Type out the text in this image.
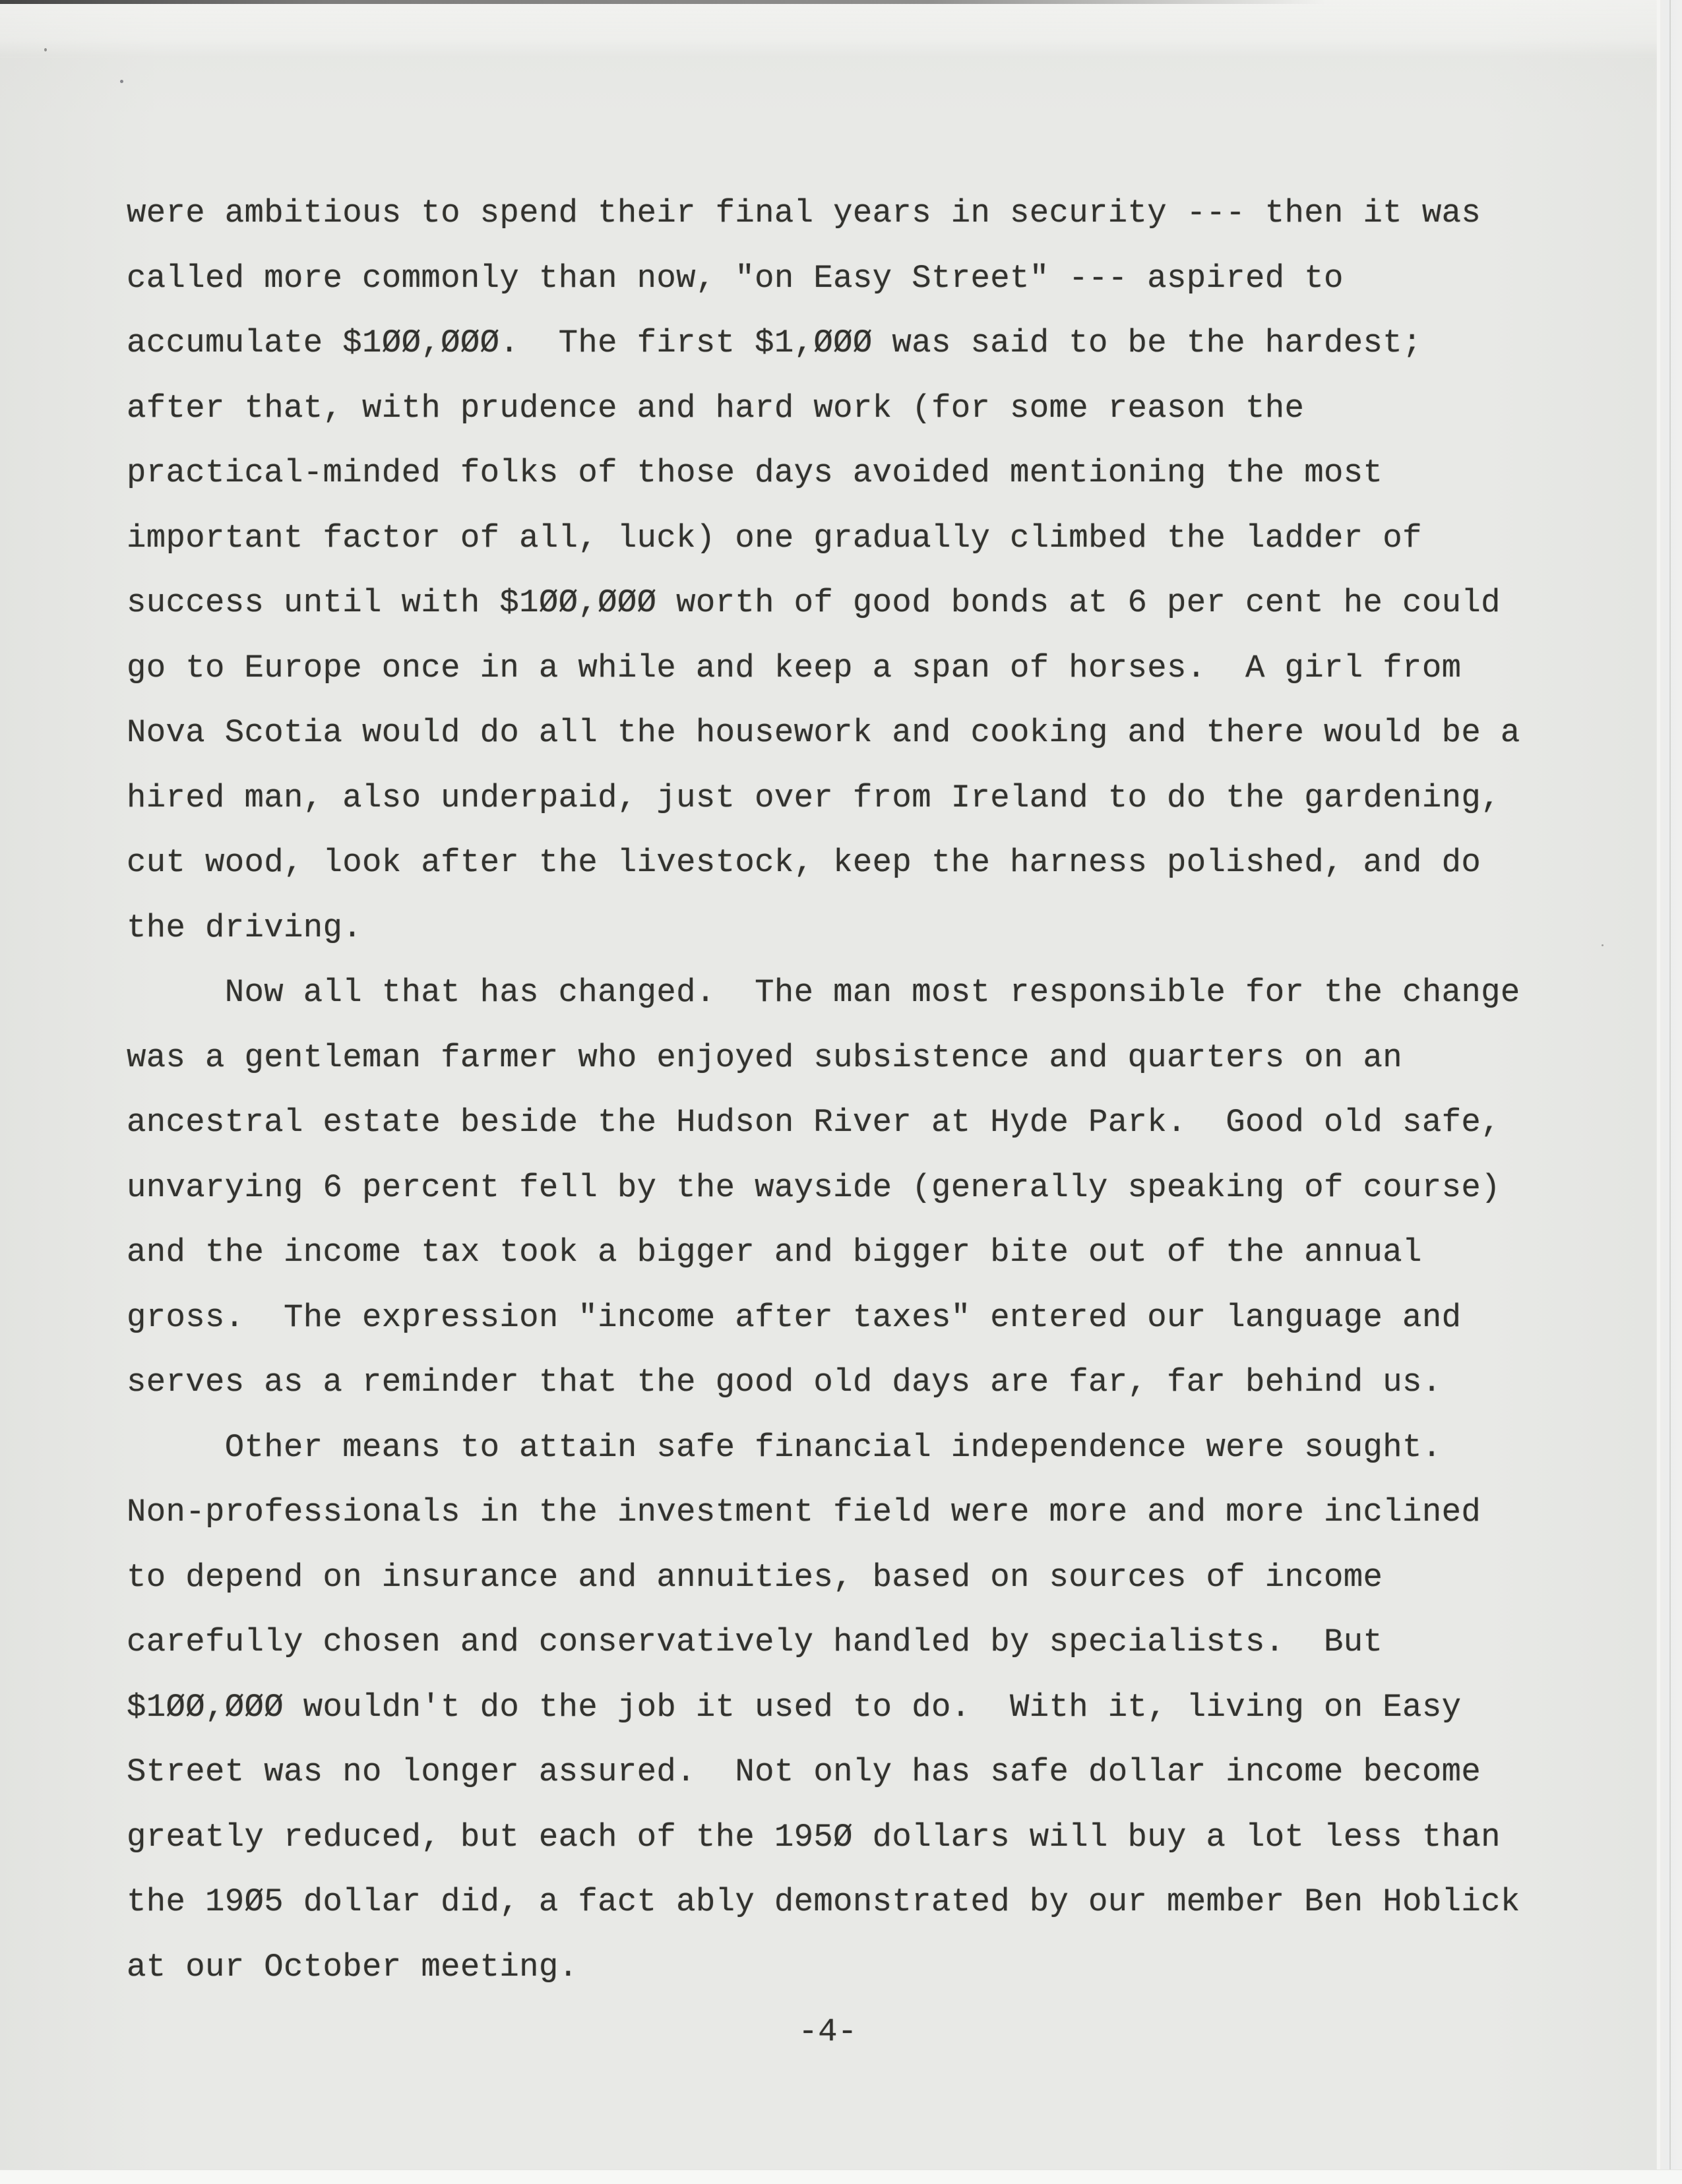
were ambitious to spend their final years in security --- then it was
called more commonly than now, "on Easy Street" --- aspired to
accumulate $1ØØ,ØØØ.  The first $1,ØØØ was said to be the hardest;
after that, with prudence and hard work (for some reason the
practical-minded folks of those days avoided mentioning the most
important factor of all, luck) one gradually climbed the ladder of
success until with $1ØØ,ØØØ worth of good bonds at 6 per cent he could
go to Europe once in a while and keep a span of horses.  A girl from
Nova Scotia would do all the housework and cooking and there would be a
hired man, also underpaid, just over from Ireland to do the gardening,
cut wood, look after the livestock, keep the harness polished, and do
the driving.
Now all that has changed.  The man most responsible for the change
was a gentleman farmer who enjoyed subsistence and quarters on an
ancestral estate beside the Hudson River at Hyde Park.  Good old safe,
unvarying 6 percent fell by the wayside (generally speaking of course)
and the income tax took a bigger and bigger bite out of the annual
gross.  The expression "income after taxes" entered our language and
serves as a reminder that the good old days are far, far behind us.
Other means to attain safe financial independence were sought.
Non-professionals in the investment field were more and more inclined
to depend on insurance and annuities, based on sources of income
carefully chosen and conservatively handled by specialists.  But
$1ØØ,ØØØ wouldn't do the job it used to do.  With it, living on Easy
Street was no longer assured.  Not only has safe dollar income become
greatly reduced, but each of the 195Ø dollars will buy a lot less than
the 19Ø5 dollar did, a fact ably demonstrated by our member Ben Hoblick
at our October meeting.
-4-
